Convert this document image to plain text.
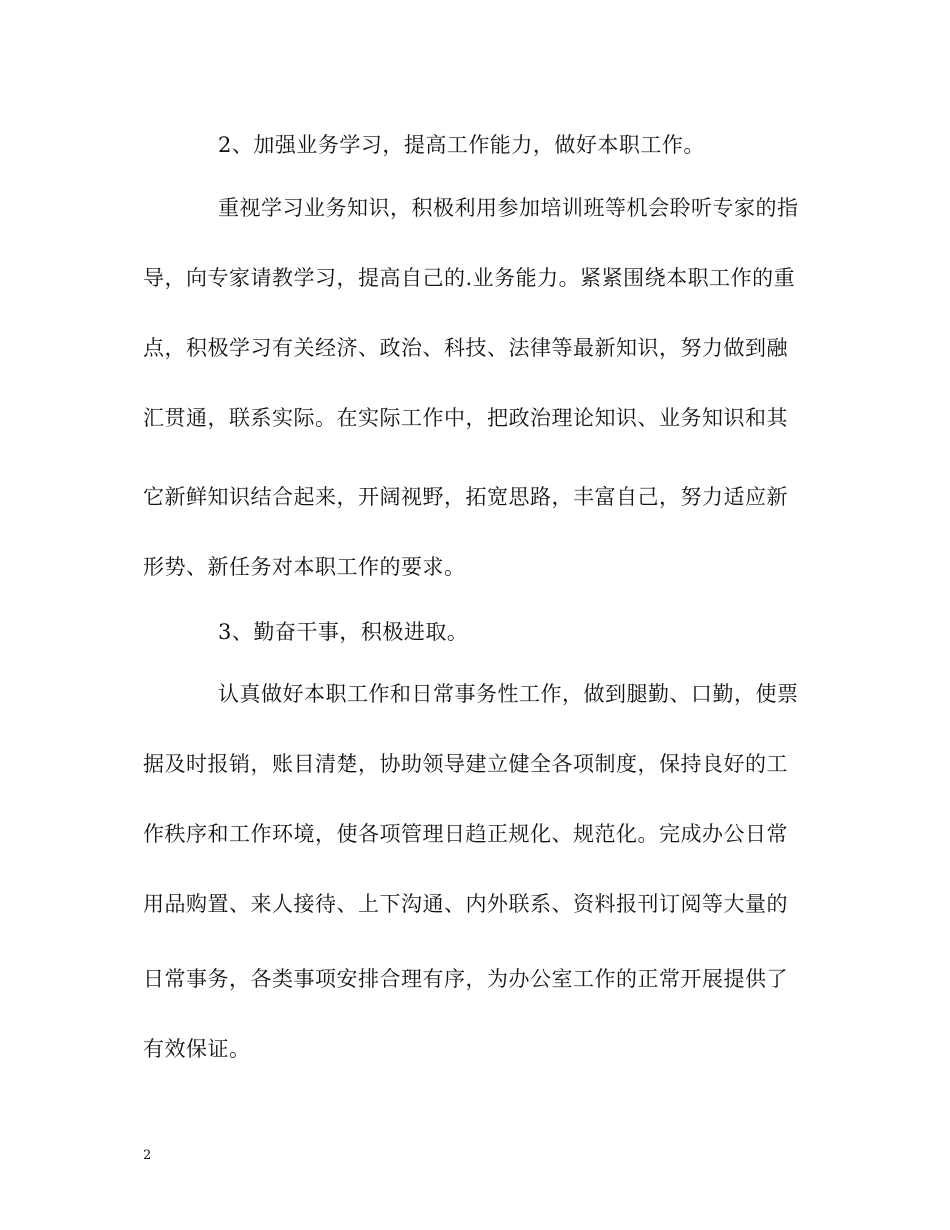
2、加强业务学习，提高工作能力，做好本职工作。
重视学习业务知识，积极利用参加培训班等机会聆听专家的指
导，向专家请教学习，提高自己的.业务能力。紧紧围绕本职工作的重
点，积极学习有关经济、政治、科技、法律等最新知识，努力做到融
汇贯通，联系实际。在实际工作中，把政治理论知识、业务知识和其
它新鲜知识结合起来，开阔视野，拓宽思路，丰富自己，努力适应新
形势、新任务对本职工作的要求。
3、勤奋干事，积极进取。
认真做好本职工作和日常事务性工作，做到腿勤、口勤，使票
据及时报销，账目清楚，协助领导建立健全各项制度，保持良好的工
作秩序和工作环境，使各项管理日趋正规化、规范化。完成办公日常
用品购置、来人接待、上下沟通、内外联系、资料报刊订阅等大量的
日常事务，各类事项安排合理有序，为办公室工作的正常开展提供了
有效保证。
2
